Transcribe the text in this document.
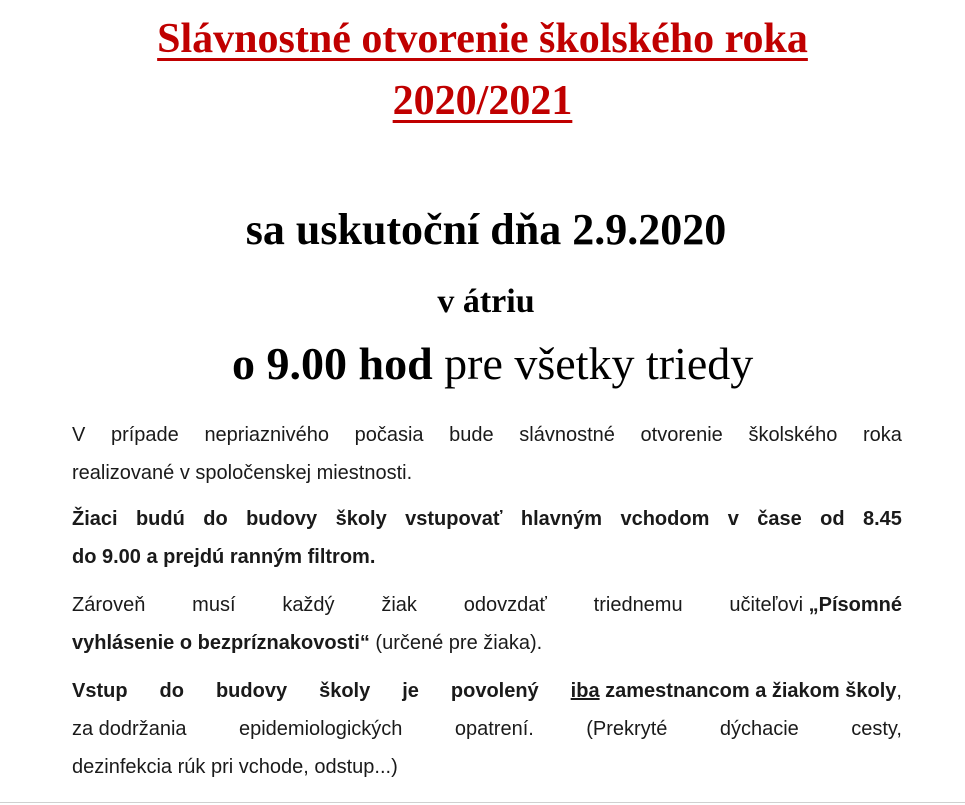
Slávnostné otvorenie školského roka
2020/2021
sa uskutoční dňa 2.9.2020
v átriu
o 9.00 hod pre všetky triedy
V prípade nepriaznivého počasia bude slávnostné otvorenie školského roka
realizované v spoločenskej miestnosti.
Žiaci budú do budovy školy vstupovať hlavným vchodom v čase od 8.45
do 9.00 a prejdú ranným filtrom.
Zároveň musí každý žiak odovzdať triednemu učiteľovi „Písomné
vyhlásenie o bezpríznakovosti“ (určené pre žiaka).
Vstup do budovy školy je povolený iba zamestnancom a žiakom školy,
za dodržania	epidemiologických	opatrení.	(Prekryté	dýchacie	cesty,
dezinfekcia rúk pri vchode, odstup...)
